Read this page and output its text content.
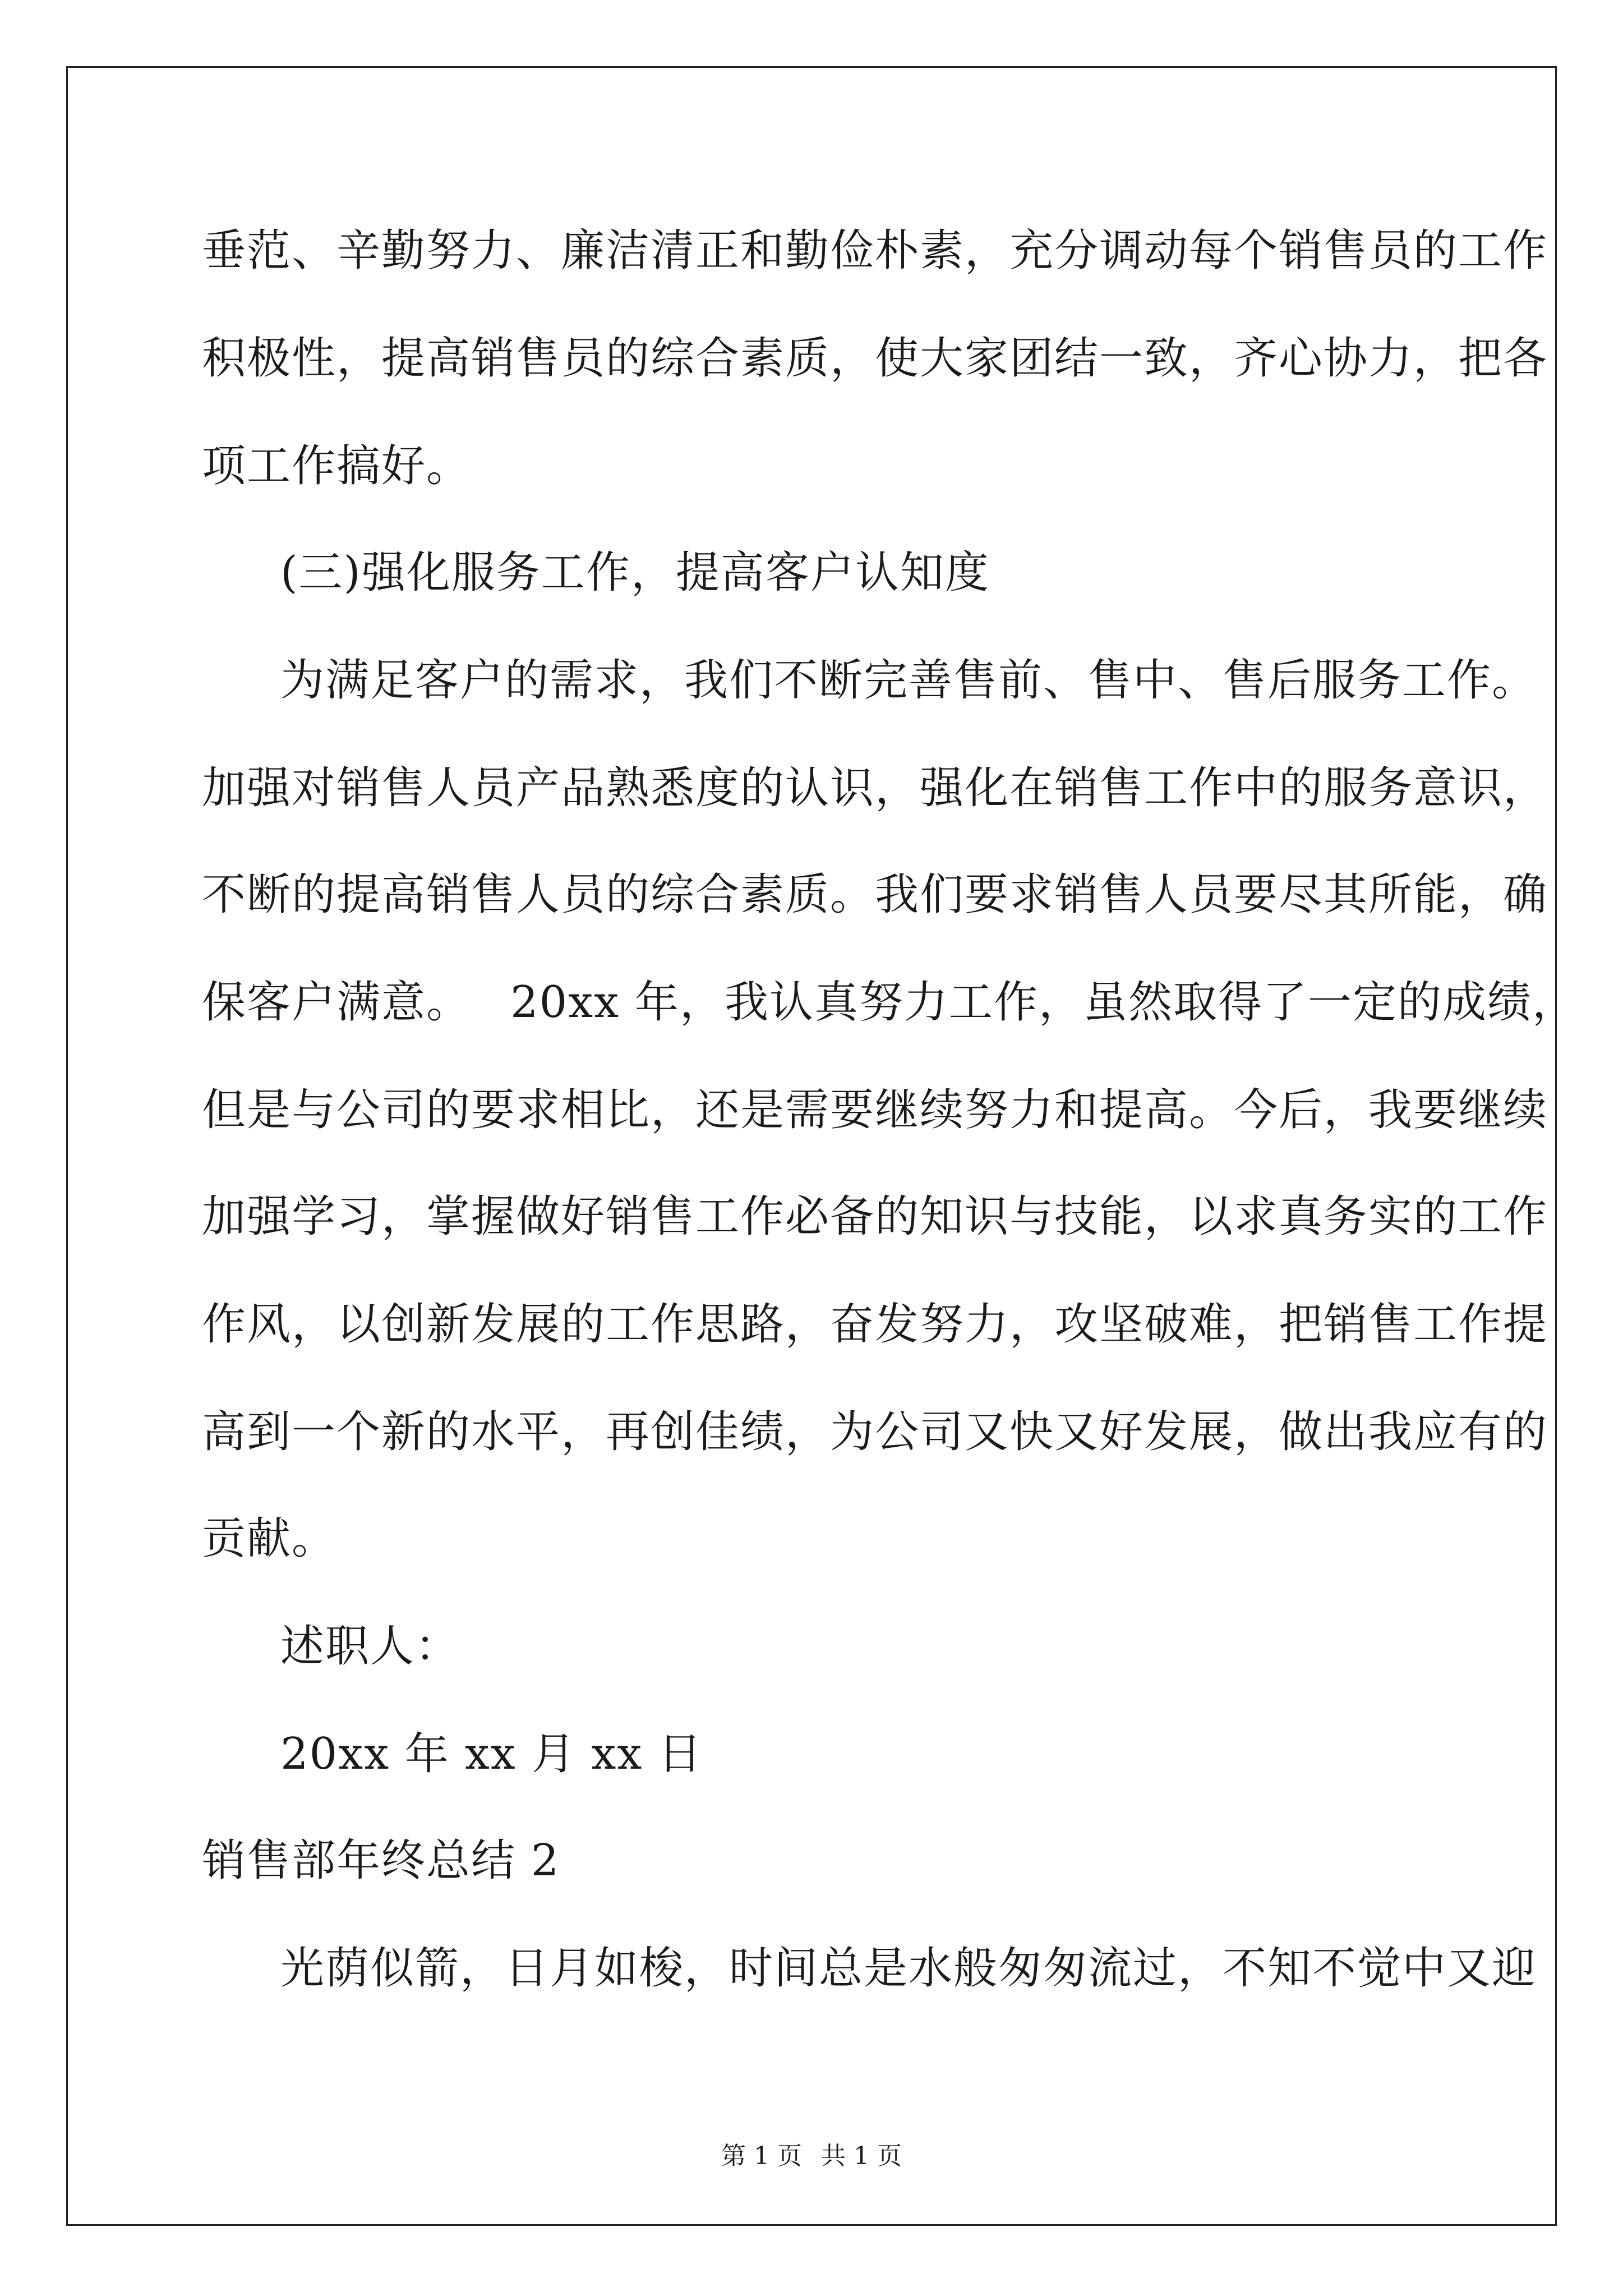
垂范、辛勤努力、廉洁清正和勤俭朴素，充分调动每个销售员的工作
积极性，提高销售员的综合素质，使大家团结一致，齐心协力，把各
项工作搞好。
(三)强化服务工作，提高客户认知度
为满足客户的需求，我们不断完善售前、售中、售后服务工作。
加强对销售人员产品熟悉度的认识，强化在销售工作中的服务意识，
不断的提高销售人员的综合素质。我们要求销售人员要尽其所能，确
保客户满意。 20xx 年，我认真努力工作，虽然取得了一定的成绩，
但是与公司的要求相比，还是需要继续努力和提高。今后，我要继续
加强学习，掌握做好销售工作必备的知识与技能，以求真务实的工作
作风，以创新发展的工作思路，奋发努力，攻坚破难，把销售工作提
高到一个新的水平，再创佳绩，为公司又快又好发展，做出我应有的
贡献。
述职人：
20xx 年 xx 月 xx 日
销售部年终总结 2
光荫似箭，日月如梭，时间总是水般匆匆流过，不知不觉中又迎
第 1 页 共 1 页
